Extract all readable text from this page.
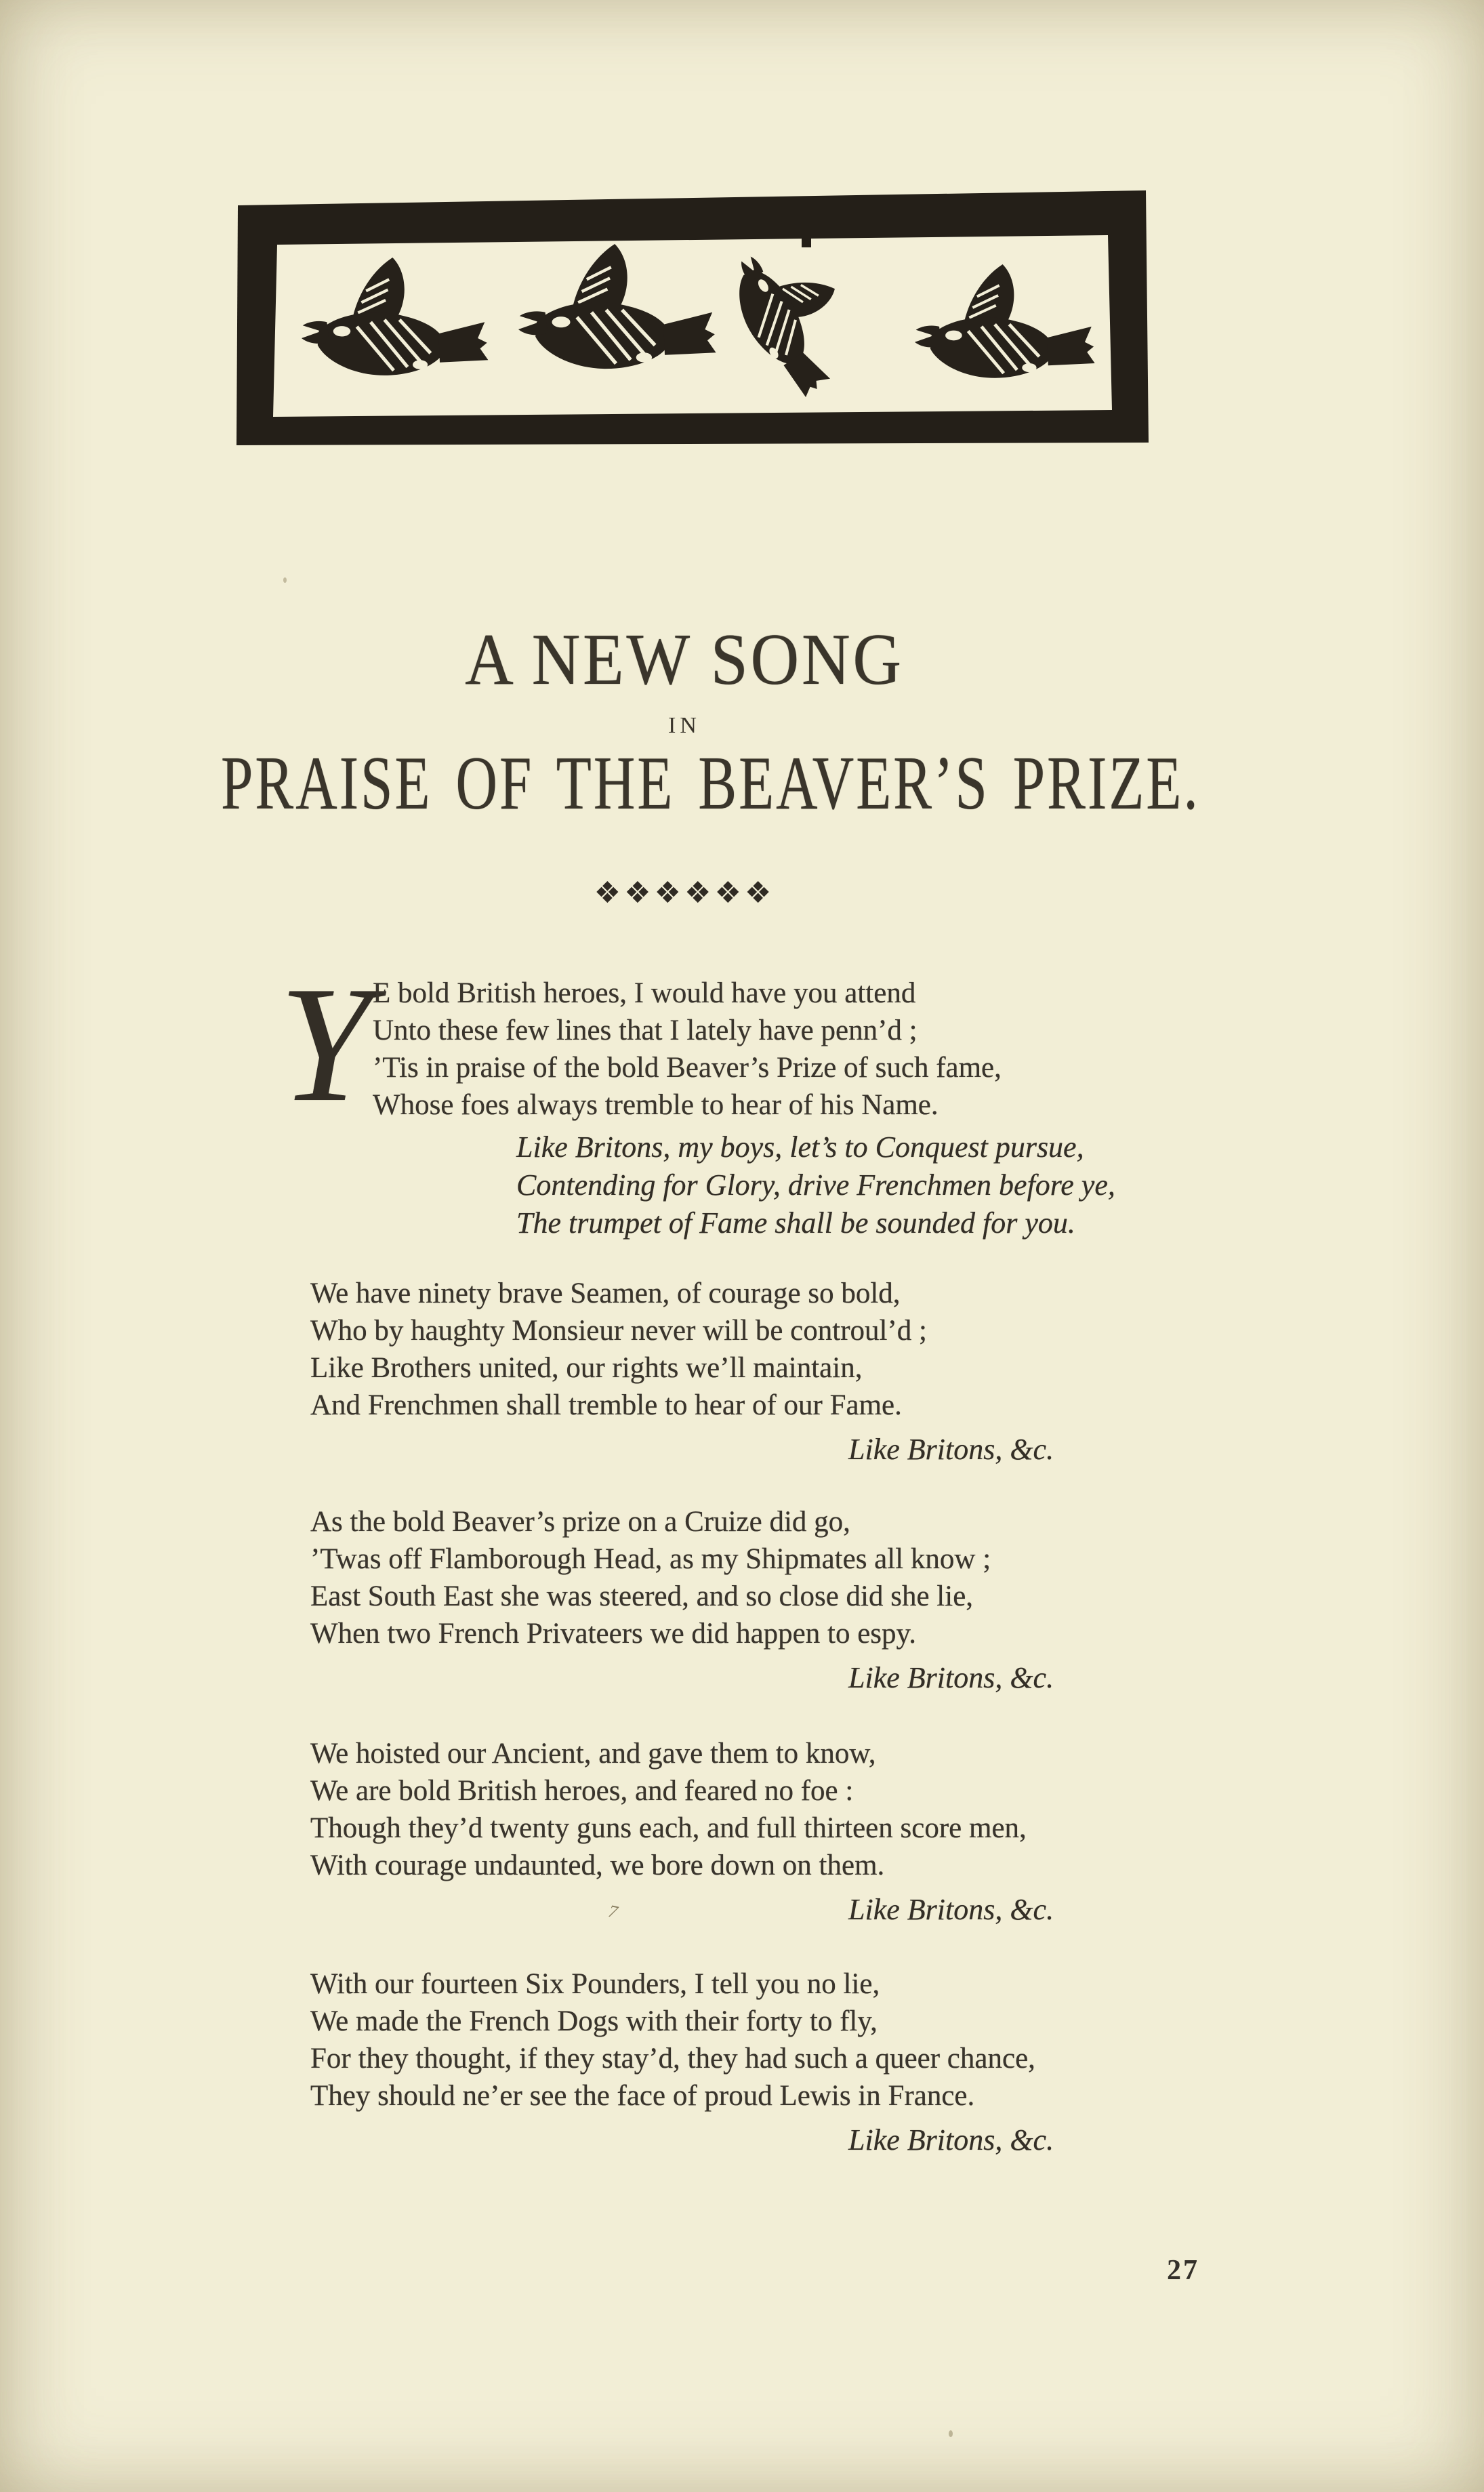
A NEW SONG
IN
PRAISE OF THE BEAVER’S PRIZE.
❖❖❖❖❖❖
Y E bold British heroes, I would have you attend
Unto these few lines that I lately have penn’d ;
’Tis in praise of the bold Beaver’s Prize of such fame,
Whose foes always tremble to hear of his Name.
Like Britons, my boys, let’s to Conquest pursue,
Contending for Glory, drive Frenchmen before ye,
The trumpet of Fame shall be sounded for you.
We have ninety brave Seamen, of courage so bold,
Who by haughty Monsieur never will be controul’d ;
Like Brothers united, our rights we’ll maintain,
And Frenchmen shall tremble to hear of our Fame.
Like Britons, &c.
As the bold Beaver’s prize on a Cruize did go,
’Twas off Flamborough Head, as my Shipmates all know ;
East South East she was steered, and so close did she lie,
When two French Privateers we did happen to espy.
Like Britons, &c.
We hoisted our Ancient, and gave them to know,
We are bold British heroes, and feared no foe :
Though they’d twenty guns each, and full thirteen score men,
With courage undaunted, we bore down on them.
Like Britons, &c.
With our fourteen Six Pounders, I tell you no lie,
We made the French Dogs with their forty to fly,
For they thought, if they stay’d, they had such a queer chance,
They should ne’er see the face of proud Lewis in France.
Like Britons, &c.
27
7
